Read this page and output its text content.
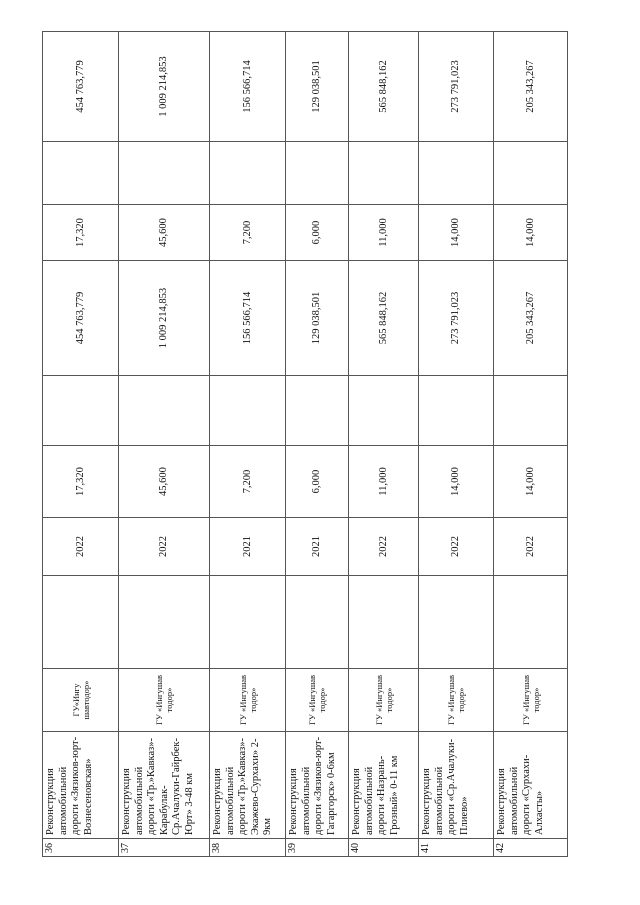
36	Реконструкция автомобильной дороги «Зязиков-юрт-Вознесеновская»	ГУ«Ингу шавтодор»		2022	17,320		454 763,779	17,320		454 763,779
37	Реконструкция автомобильной дороги «Тр.»Кавказ»-Карабулак-Ср.Ачалуки-Гайрбек-Юрт» 3-48 км	ГУ «Ингушав тодор»		2022	45,600		1 009 214,853	45,600		1 009 214,853
38	Реконструкция автомобильной дороги «Тр.»Кавказ»-Экажево-Сурхахи» 2-9км	ГУ «Ингушав тодор»		2021	7,200		156 566,714	7,200		156 566,714
39	Реконструкция автомобильной дороги «Зязиков-юрт-Гагаргорск» 0-6км	ГУ «Ингушав тодор»		2021	6,000		129 038,501	6,000		129 038,501
40	Реконструкция автомобильной дороги «Назрань-Грозный» 0-11 км	ГУ «Ингушав тодор»		2022	11,000		565 848,162	11,000		565 848,162
41	Реконструкция автомобильной дороги «Ср.Ачалуки-Плиево»	ГУ «Ингушав тодор»		2022	14,000		273 791,023	14,000		273 791,023
42	Реконструкция автомобильной дороги «Сурхахи-Алхасты»	ГУ «Ингушав тодор»		2022	14,000		205 343,267	14,000		205 343,267
